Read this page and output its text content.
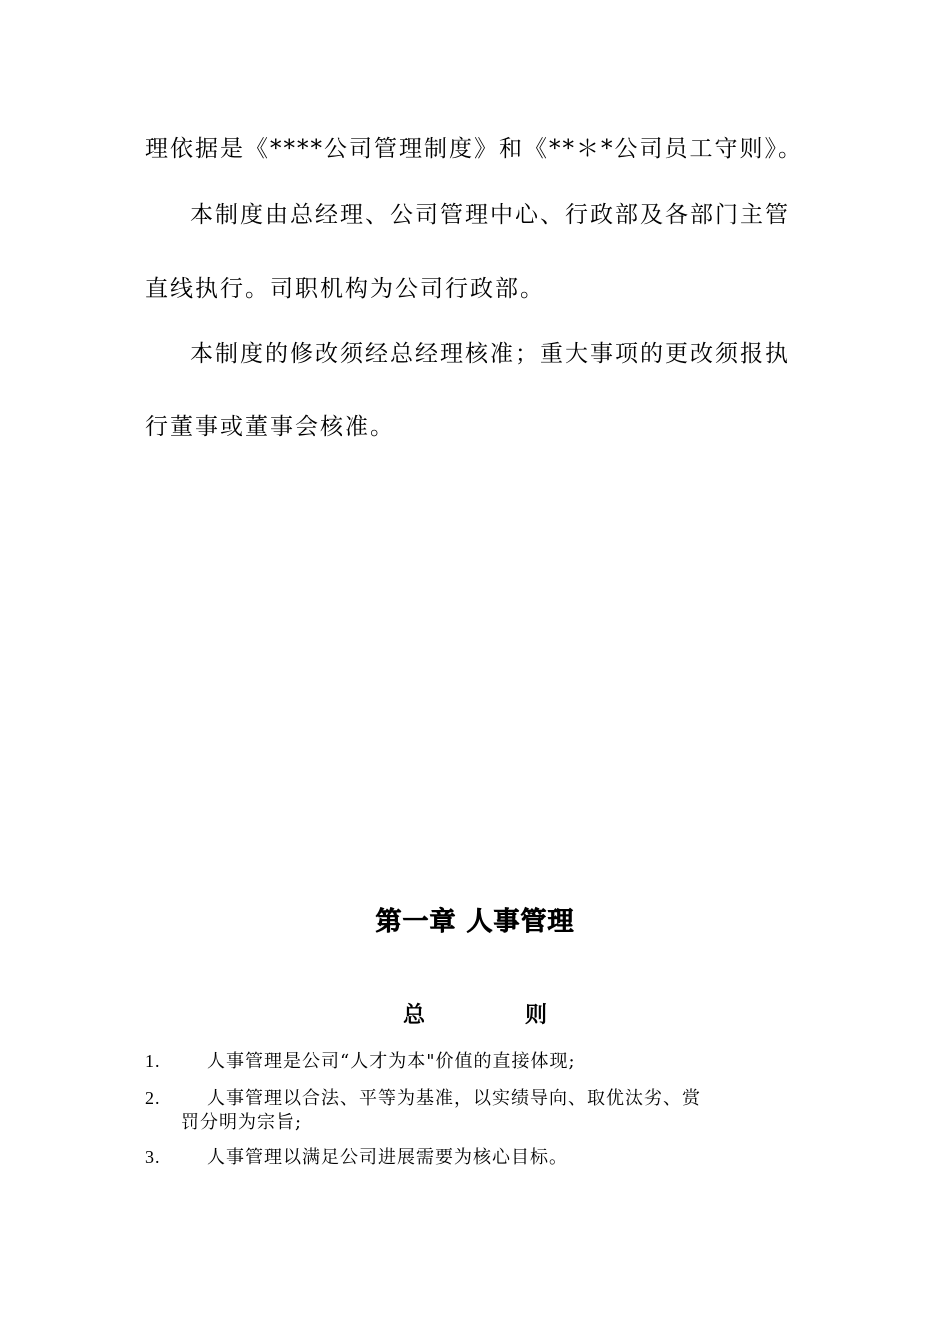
理依据是《****公司管理制度》和《**＊*公司员工守则》。
本制度由总经理、公司管理中心、行政部及各部门主管
直线执行。司职机构为公司行政部。
本制度的修改须经总经理核准；重大事项的更改须报执
行董事或董事会核准。
第一章 人事管理
总	则
1.	人事管理是公司“人才为本"价值的直接体现;
2.	人事管理以合法、平等为基准，以实绩导向、取优汰劣、赏
罚分明为宗旨;
3.	人事管理以满足公司进展需要为核心目标。
